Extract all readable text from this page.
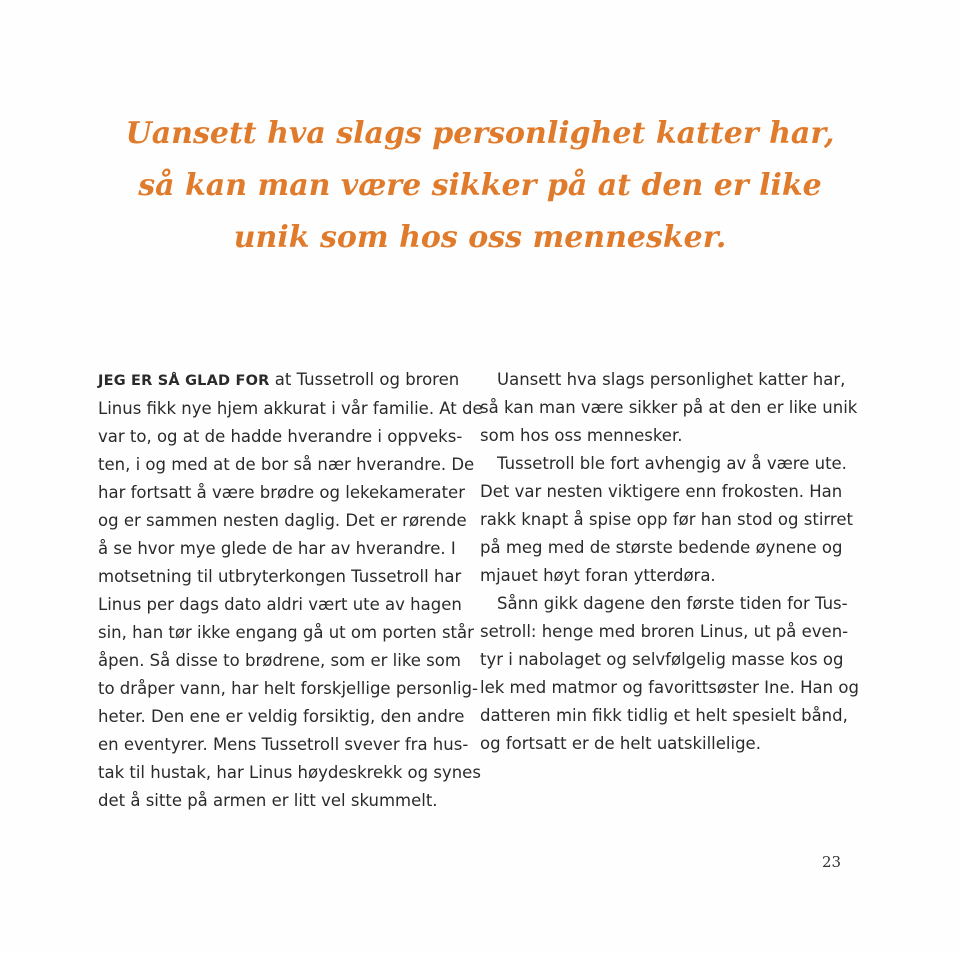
Uansett hva slags personlighet katter har,
så kan man være sikker på at den er like
unik som hos oss mennesker.
JEG ER SÅ GLAD FOR at Tussetroll og broren
Linus fikk nye hjem akkurat i vår familie. At de
var to, og at de hadde hverandre i oppveks-
ten, i og med at de bor så nær hverandre. De
har fortsatt å være brødre og lekekamerater
og er sammen nesten daglig. Det er rørende
å se hvor mye glede de har av hverandre. I
motsetning til utbryterkongen Tussetroll har
Linus per dags dato aldri vært ute av hagen
sin, han tør ikke engang gå ut om porten står
åpen. Så disse to brødrene, som er like som
to dråper vann, har helt forskjellige personlig-
heter. Den ene er veldig forsiktig, den andre
en eventyrer. Mens Tussetroll svever fra hus-
tak til hustak, har Linus høydeskrekk og synes
det å sitte på armen er litt vel skummelt.
Uansett hva slags personlighet katter har,
så kan man være sikker på at den er like unik
som hos oss mennesker.
Tussetroll ble fort avhengig av å være ute.
Det var nesten viktigere enn frokosten. Han
rakk knapt å spise opp før han stod og stirret
på meg med de største bedende øynene og
mjauet høyt foran ytterdøra.
Sånn gikk dagene den første tiden for Tus-
setroll: henge med broren Linus, ut på even-
tyr i nabolaget og selvfølgelig masse kos og
lek med matmor og favorittsøster Ine. Han og
datteren min fikk tidlig et helt spesielt bånd,
og fortsatt er de helt uatskillelige.
23
